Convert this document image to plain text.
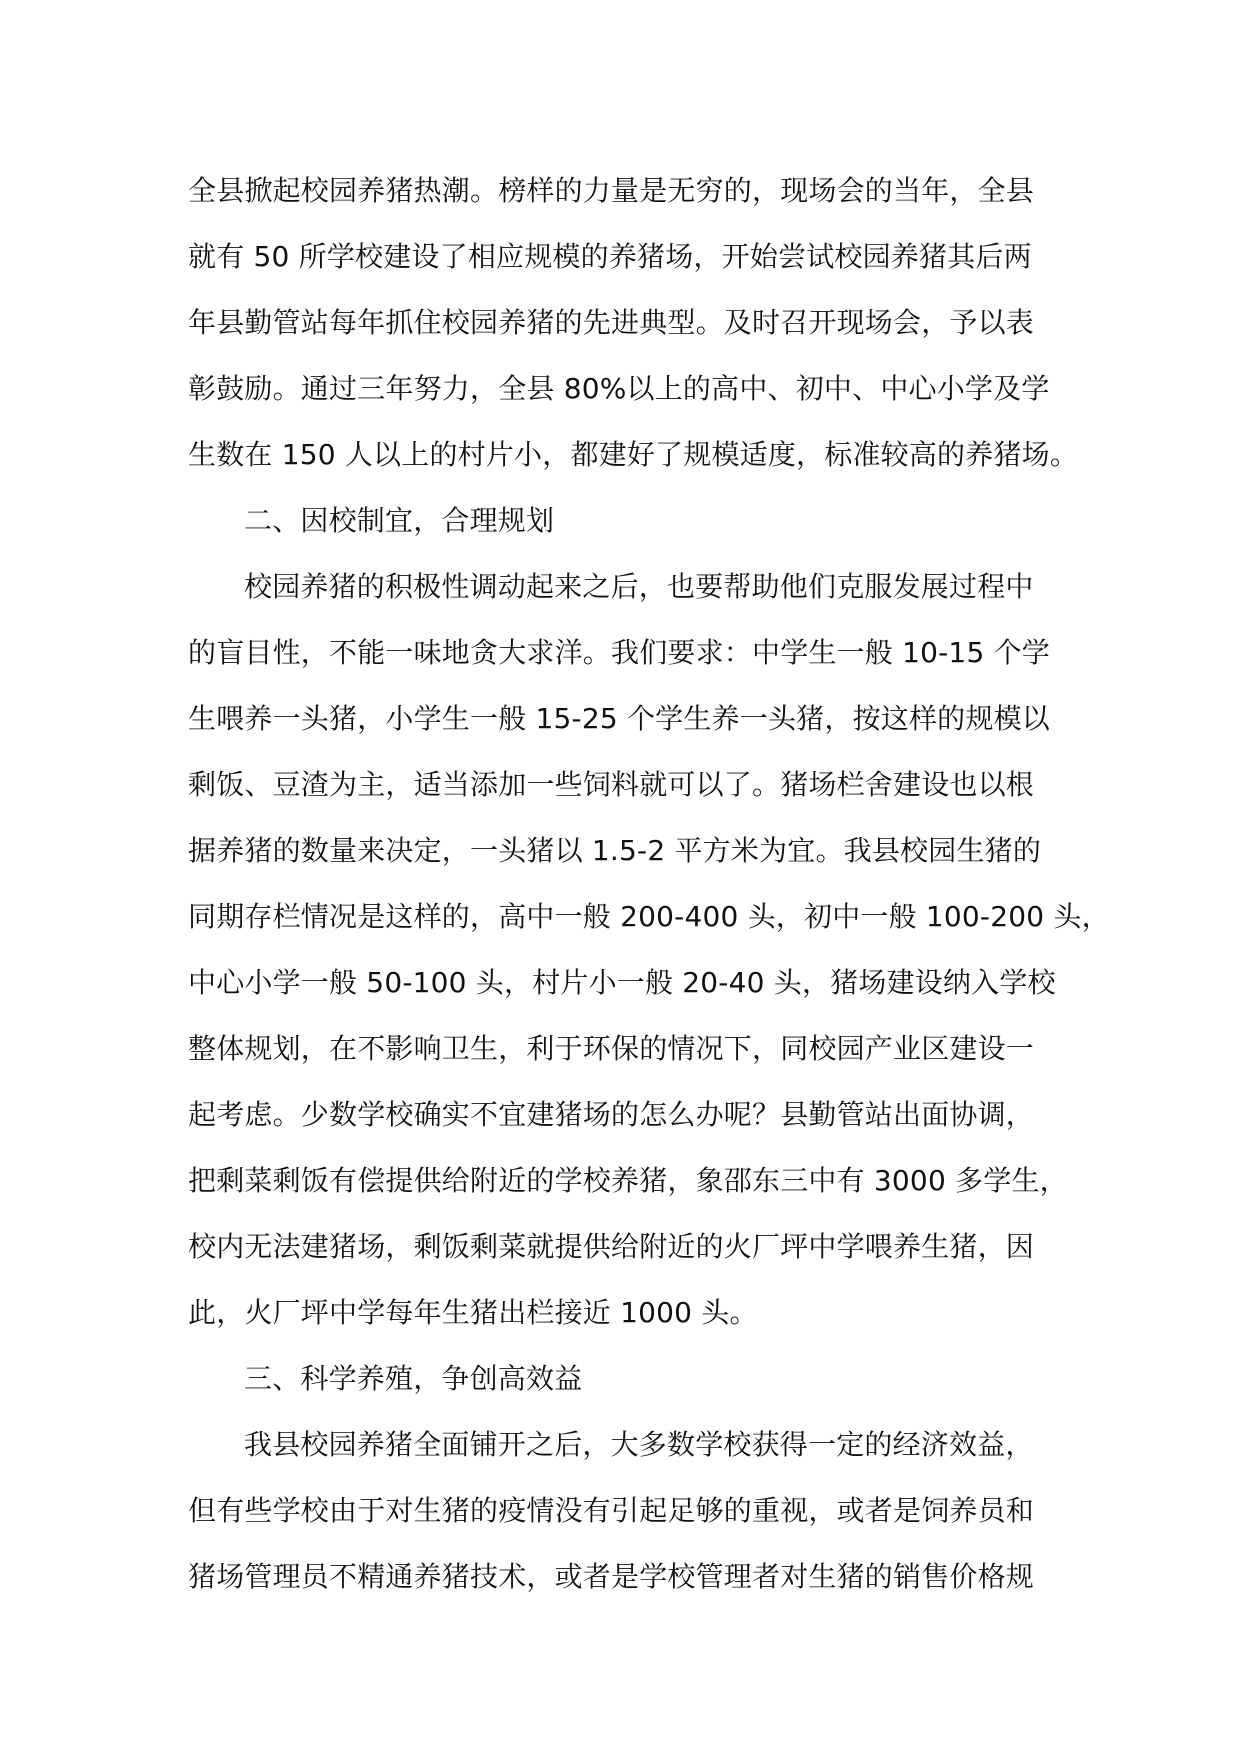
全县掀起校园养猪热潮。榜样的力量是无穷的，现场会的当年，全县
就有 50 所学校建设了相应规模的养猪场，开始尝试校园养猪其后两
年县勤管站每年抓住校园养猪的先进典型。及时召开现场会，予以表
彰鼓励。通过三年努力，全县 80%以上的高中、初中、中心小学及学
生数在 150 人以上的村片小，都建好了规模适度，标准较高的养猪场。
二、因校制宜，合理规划
校园养猪的积极性调动起来之后，也要帮助他们克服发展过程中
的盲目性，不能一味地贪大求洋。我们要求：中学生一般 10-15 个学
生喂养一头猪，小学生一般 15-25 个学生养一头猪，按这样的规模以
剩饭、豆渣为主，适当添加一些饲料就可以了。猪场栏舍建设也以根
据养猪的数量来决定，一头猪以 1.5-2 平方米为宜。我县校园生猪的
同期存栏情况是这样的，高中一般 200-400 头，初中一般 100-200 头，
中心小学一般 50-100 头，村片小一般 20-40 头，猪场建设纳入学校
整体规划，在不影响卫生，利于环保的情况下，同校园产业区建设一
起考虑。少数学校确实不宜建猪场的怎么办呢？县勤管站出面协调，
把剩菜剩饭有偿提供给附近的学校养猪，象邵东三中有 3000 多学生，
校内无法建猪场，剩饭剩菜就提供给附近的火厂坪中学喂养生猪，因
此，火厂坪中学每年生猪出栏接近 1000 头。
三、科学养殖，争创高效益
我县校园养猪全面铺开之后，大多数学校获得一定的经济效益，
但有些学校由于对生猪的疫情没有引起足够的重视，或者是饲养员和
猪场管理员不精通养猪技术，或者是学校管理者对生猪的销售价格规
